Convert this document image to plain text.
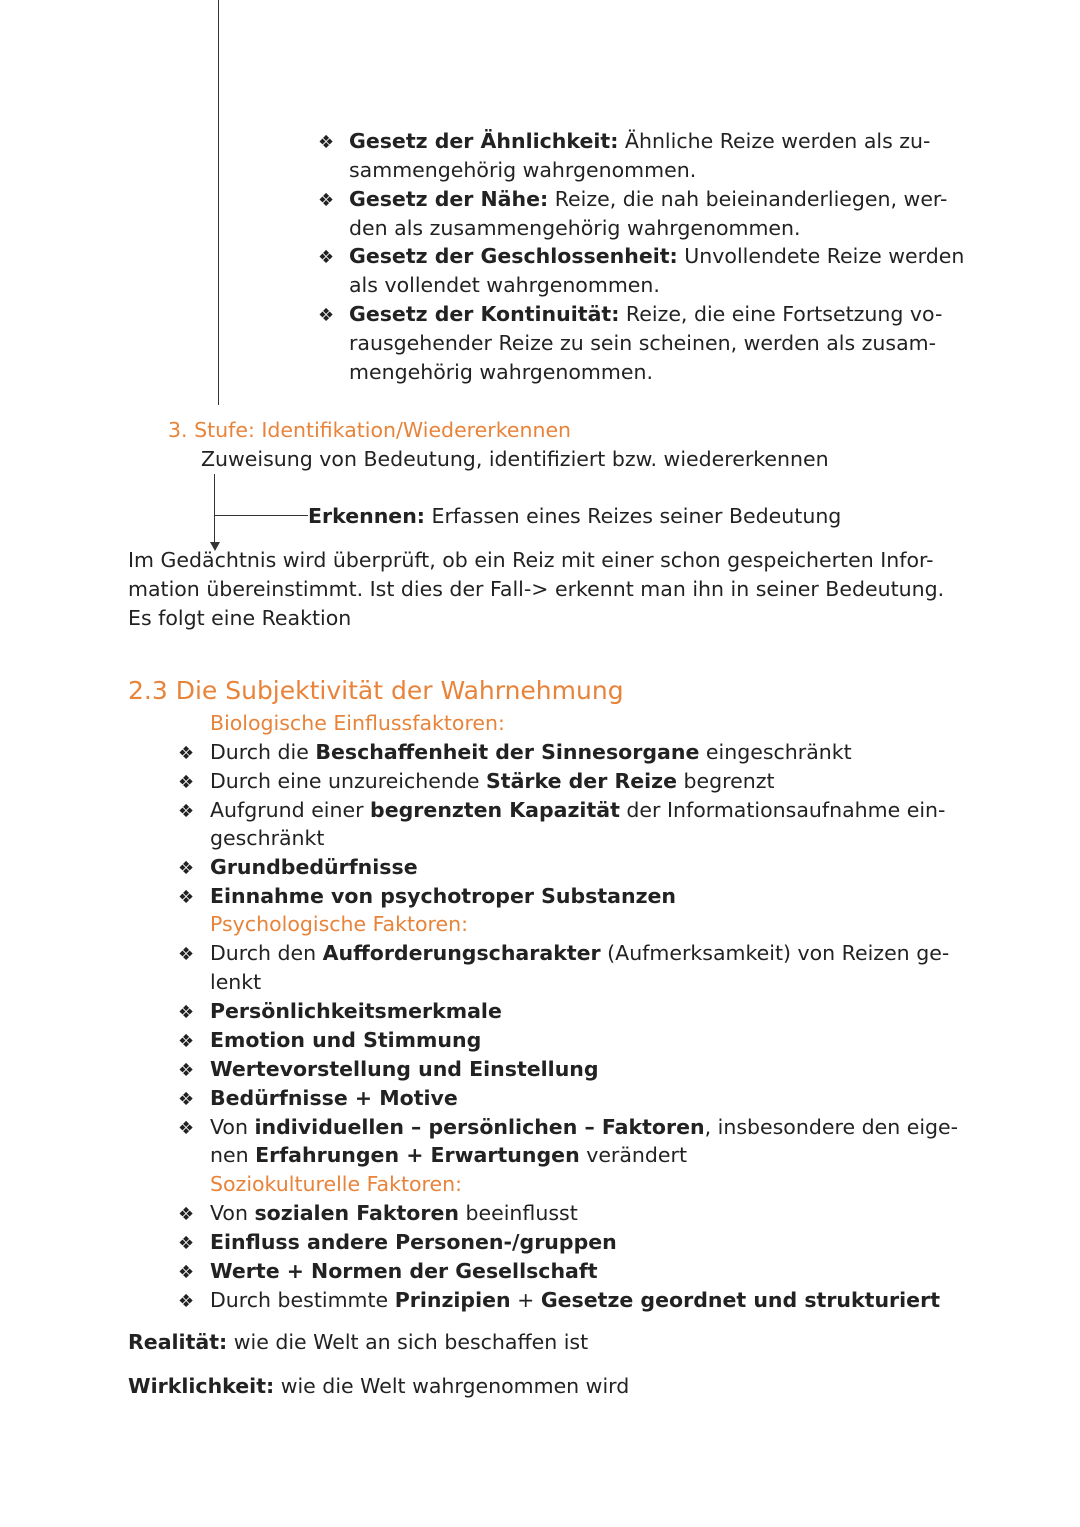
❖ Gesetz der Ähnlichkeit: Ähnliche Reize werden als zu-
sammengehörig wahrgenommen.
❖ Gesetz der Nähe: Reize, die nah beieinanderliegen, wer-
den als zusammengehörig wahrgenommen.
❖ Gesetz der Geschlossenheit: Unvollendete Reize werden
als vollendet wahrgenommen.
❖ Gesetz der Kontinuität: Reize, die eine Fortsetzung vo-
rausgehender Reize zu sein scheinen, werden als zusam-
mengehörig wahrgenommen.
3. Stufe: Identifikation/Wiedererkennen
Zuweisung von Bedeutung, identifiziert bzw. wiedererkennen
Erkennen: Erfassen eines Reizes seiner Bedeutung
Im Gedächtnis wird überprüft, ob ein Reiz mit einer schon gespeicherten Infor-
mation übereinstimmt. Ist dies der Fall-> erkennt man ihn in seiner Bedeutung.
Es folgt eine Reaktion
2.3 Die Subjektivität der Wahrnehmung
Biologische Einflussfaktoren:
❖ Durch die Beschaffenheit der Sinnesorgane eingeschränkt
❖ Durch eine unzureichende Stärke der Reize begrenzt
❖ Aufgrund einer begrenzten Kapazität der Informationsaufnahme ein-
geschränkt
❖ Grundbedürfnisse
❖ Einnahme von psychotroper Substanzen
Psychologische Faktoren:
❖ Durch den Aufforderungscharakter (Aufmerksamkeit) von Reizen ge-
lenkt
❖ Persönlichkeitsmerkmale
❖ Emotion und Stimmung
❖ Wertevorstellung und Einstellung
❖ Bedürfnisse + Motive
❖ Von individuellen – persönlichen – Faktoren, insbesondere den eige-
nen Erfahrungen + Erwartungen verändert
Soziokulturelle Faktoren:
❖ Von sozialen Faktoren beeinflusst
❖ Einfluss andere Personen-/gruppen
❖ Werte + Normen der Gesellschaft
❖ Durch bestimmte Prinzipien + Gesetze geordnet und strukturiert
Realität: wie die Welt an sich beschaffen ist
Wirklichkeit: wie die Welt wahrgenommen wird
